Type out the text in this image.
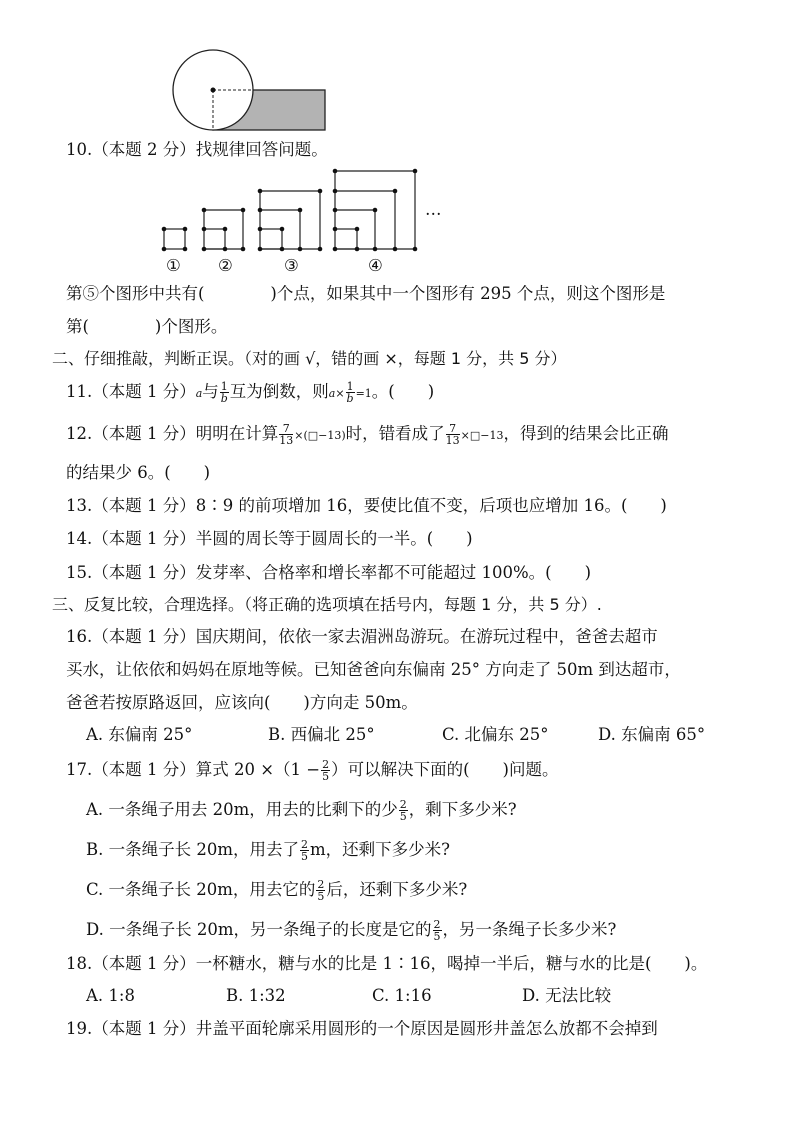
10.（本题 2 分）找规律回答问题。
…
① ②	③	④
第⑤个图形中共有(　　　　)个点，如果其中一个图形有 295 个点，则这个图形是
第(　　　　)个图形。
二、仔细推敲，判断正误。（对的画 √，错的画 ×，每题 1 分，共 5 分）
11.（本题 1 分）a与 $\frac{1}{b}$ 互为倒数，则$a\times \frac{1}{b} =1$。(　　)
12.（本题 1 分）明明在计算 $\frac{7}{13}$ ×(□−13)时，错看成了 $\frac{7}{13}$ ×□−13，得到的结果会比正确
的结果少 6。(　　)
13.（本题 1 分）8∶9 的前项增加 16，要使比值不变，后项也应增加 16。(　　)
14.（本题 1 分）半圆的周长等于圆周长的一半。(　　)
15.（本题 1 分）发芽率、合格率和增长率都不可能超过 100%。(　　)
三、反复比较，合理选择。（将正确的选项填在括号内，每题 1 分，共 5 分）.
16.（本题 1 分）国庆期间，依依一家去湄洲岛游玩。在游玩过程中，爸爸去超市
买水，让依依和妈妈在原地等候。已知爸爸向东偏南 25° 方向走了 50m 到达超市，
爸爸若按原路返回，应该向(　　)方向走 50m。
A. 东偏南 25°	B. 西偏北 25°	C. 北偏东 25°	D. 东偏南 65°
17.（本题 1 分）算式 $20 \times(1 - \frac{2}{5}$ ）可以解决下面的(　　)问题。
A. 一条绳子用去 20m，用去的比剩下的少 $\frac{2}{5}$ ，剩下多少米?
B. 一条绳子长 20m，用去了 $\frac{2}{5}$ m，还剩下多少米?
C. 一条绳子长 20m，用去它的 $\frac{2}{5}$ 后，还剩下多少米?
D. 一条绳子长 20m，另一条绳子的长度是它的 $\frac{2}{5}$ ，另一条绳子长多少米?
18.（本题 1 分）一杯糖水，糖与水的比是 1∶16，喝掉一半后，糖与水的比是(　　)。
A. 1:8	B. 1:32	C. 1:16	D. 无法比较
19.（本题 1 分）井盖平面轮廓采用圆形的一个原因是圆形井盖怎么放都不会掉到
